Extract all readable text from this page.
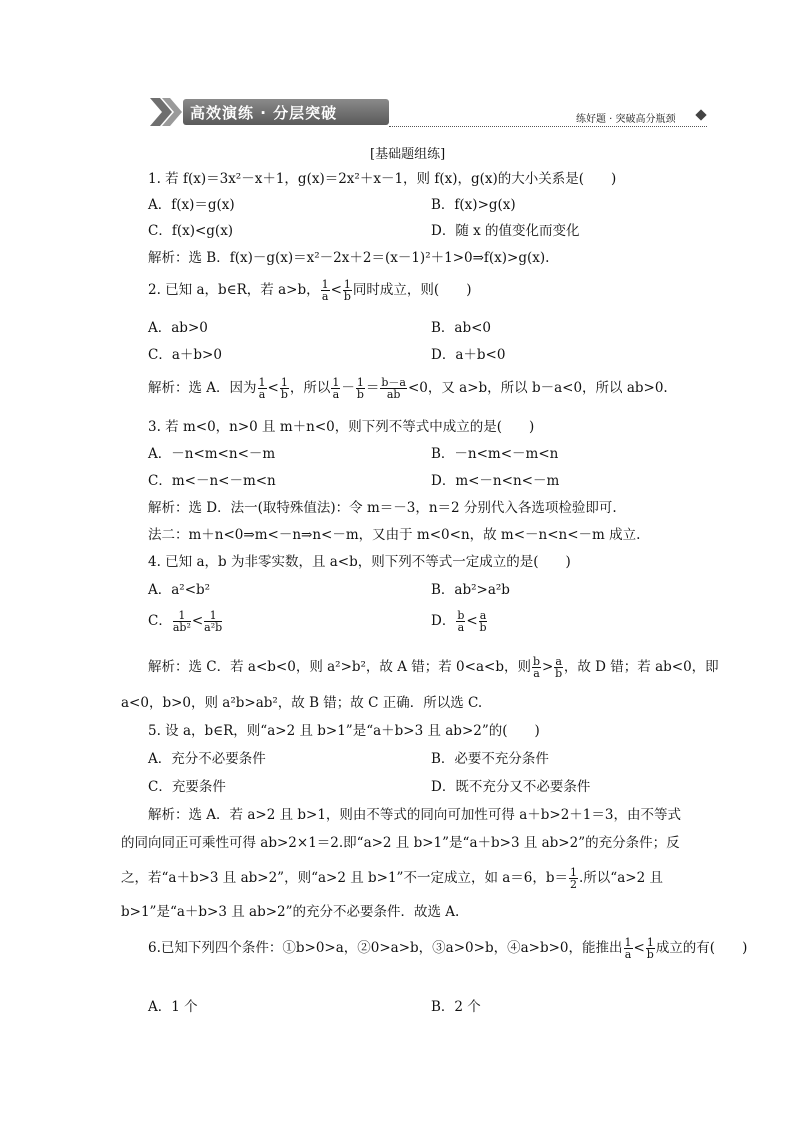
高效演练 · 分层突破	练好题 · 突破高分瓶颈
[基础题组练]
1. 若 f(x)＝3x²－x＋1，g(x)＝2x²＋x－1，则 f(x)，g(x)的大小关系是(　　)
A．f(x)＝g(x)	B．f(x)>g(x)
C．f(x)<g(x)	D．随 x 的值变化而变化
解析：选 B．f(x)－g(x)＝x²－2x＋2＝(x－1)²＋1>0⇒f(x)>g(x).
2. 已知 a，b∈R，若 a>b， $\frac{1}{a} < \frac{1}{b}$ 同时成立，则(　　)
A．ab>0	B．ab<0
C．a＋b>0	D．a＋b<0
解析：选 A．因为 $\frac{1}{a} < \frac{1}{b}$ ，所以 $\frac{1}{a} - \frac{1}{b} = \frac{b-a}{ab} <0$，又 a>b，所以 b－a<0，所以 ab>0.
3. 若 m<0，n>0 且 m＋n<0，则下列不等式中成立的是(　　)
A．－n<m<n<－m	B．－n<m<－m<n
C．m<－n<－m<n	D．m<－n<n<－m
解析：选 D．法一(取特殊值法)：令 m＝－3，n＝2 分别代入各选项检验即可.
法二：m＋n<0⇒m<－n⇒n<－m，又由于 m<0<n，故 m<－n<n<－m 成立.
4. 已知 a，b 为非零实数，且 a<b，则下列不等式一定成立的是(　　)
A．a²<b²	B．ab²>a²b
C． $\frac{1}{\text{ab²}} < \frac{1}{\text{a²b}}$	D． $\frac{b}{a} < \frac{a}{b}$
解析：选 C．若 a<b<0，则 a²>b²，故 A 错；若 0<a<b，则 $\frac{b}{a} > \frac{a}{b}$ ，故 D 错；若 ab<0，即
a<0，b>0，则 a²b>ab²，故 B 错；故 C 正确．所以选 C.
5. 设 a，b∈R，则“a>2 且 b>1”是“a＋b>3 且 ab>2”的(　　)
A．充分不必要条件	B．必要不充分条件
C．充要条件	D．既不充分又不必要条件
解析：选 A．若 a>2 且 b>1，则由不等式的同向可加性可得 a＋b>2＋1＝3，由不等式
的同向同正可乘性可得 ab>2×1＝2.即“a>2 且 b>1”是“a＋b>3 且 ab>2”的充分条件；反
之，若“a＋b>3 且 ab>2”，则“a>2 且 b>1”不一定成立，如 a＝6，$b= \frac{1}{2}$ .所以“a>2 且
b>1”是“a＋b>3 且 ab>2”的充分不必要条件．故选 A.
6.已知下列四个条件：①b>0>a，②0>a>b，③a>0>b，④a>b>0，能推出 $\frac{1}{a} < \frac{1}{b}$ 成立的有(　　)
A．1 个	B．2 个
